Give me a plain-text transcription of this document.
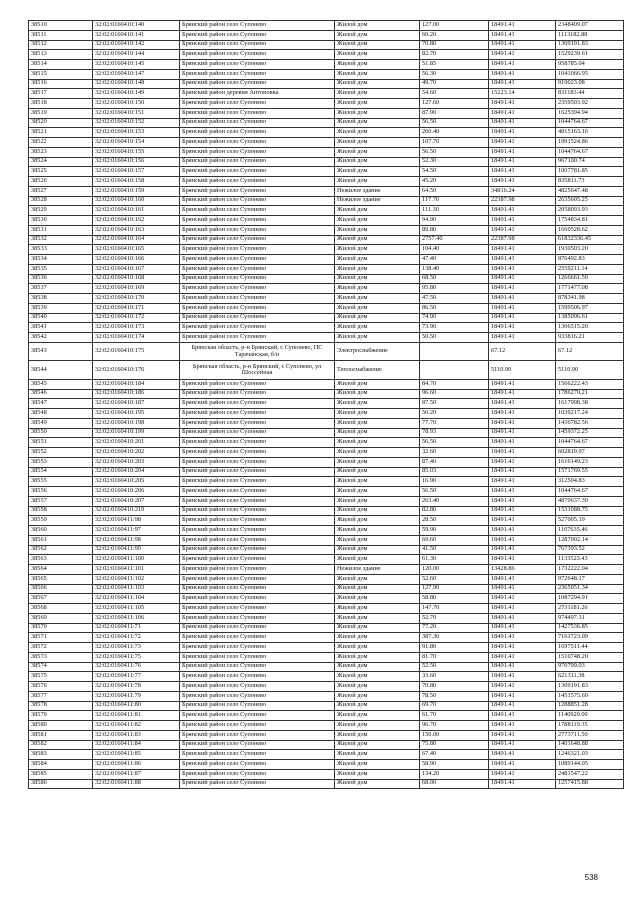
38510	32:02:0160410:140	Брянский район село Супонево	Жилой дом	127.00	18491.41	2348409.07
38511	32:02:0160410:141	Брянский район село Супонево	Жилой дом	60.20	18491.41	1113182.88
38512	32:02:0160410:142	Брянский район село Супонево	Жилой дом	70.80	18491.41	1309191.83
38513	32:02:0160410:144	Брянский район село Супонево	Жилой дом	82.70	18491.41	1529239.61
38514	32:02:0160410:145	Брянский район село Супонево	Жилой дом	51.85	18491.41	958785.04
38515	32:02:0160410:147	Брянский район село Супонево	Жилой дом	56.30	18491.41	1041066.95
38516	32:02:0160410:148	Брянский район село Супонево	Жилой дом	49.70	18491.41	919023.08
38517	32:02:0160410:149	Брянский район деревня Антоновка	Жилой дом	54.60	15223.14	831183.44
38518	32:02:0160410:150	Брянский район село Супонево	Жилой дом	127.60	18491.41	2359503.92
38519	32:02:0160410:151	Брянский район село Супонево	Жилой дом	87.90	18491.41	1625394.94
38520	32:02:0160410:152	Брянский район село Супонево	Жилой дом	56.50	18491.41	1044764.67
38521	32:02:0160410:153	Брянский район село Супонево	Жилой дом	260.40	18491.41	4815163.16
38522	32:02:0160410:154	Брянский район село Супонево	Жилой дом	107.70	18491.41	1991524.86
38523	32:02:0160410:155	Брянский район село Супонево	Жилой дом	56.50	18491.41	1044764.67
38524	32:02:0160410:156	Брянский район село Супонево	Жилой дом	52.30	18491.41	967100.74
38525	32:02:0160410:157	Брянский район село Супонево	Жилой дом	54.50	18491.41	1007781.85
38526	32:02:0160410:158	Брянский район село Супонево	Жилой дом	45.20	18491.41	835811.73
38527	32:02:0160410:159	Брянский район село Супонево	Нежилое здание	64.50	34816.24	4825647.48
38528	32:02:0160410:160	Брянский район село Супонево	Нежилое здание	117.70	22387.98	2635605.25
38529	32:02:0160410:161	Брянский район село Супонево	Жилой дом	111.30	18491.41	2058093.93
38530	32:02:0160410:162	Брянский район село Супонево	Жилой дом	94.90	18491.41	1754834.81
38531	32:02:0160410:163	Брянский район село Супонево	Жилой дом	89.80	18491.41	1660528.62
38532	32:02:0160410:164	Брянский район село Супонево	Жилой дом	2757.40	22387.98	61832336.45
38533	32:02:0160410:165	Брянский район село Супонево	Жилой дом	104.40	18491.41	1930503.20
38534	32:02:0160410:166	Брянский район село Супонево	Жилой дом	47.40	18491.41	876492.83
38535	32:02:0160410:167	Брянский район село Супонево	Жилой дом	138.40	18491.41	2559211.14
38536	32:02:0160410:168	Брянский район село Супонево	Жилой дом	68.50	18491.41	1266661.59
38537	32:02:0160410:169	Брянский район село Супонево	Жилой дом	95.80	18491.41	1771477.08
38538	32:02:0160410:170	Брянский район село Супонево	Жилой дом	47.50	18491.41	878341.98
38539	32:02:0160410:171	Брянский район село Супонево	Жилой дом	86.50	18491.41	1599506.97
38540	32:02:0160410:172	Брянский район село Супонево	Жилой дом	74.90	18491.41	1385006.61
38541	32:02:0160410:173	Брянский район село Супонево	Жилой дом	73.90	18491.41	1366515.20
38542	32:02:0160410:174	Брянский район село Супонево	Жилой дом	50.50	18491.41	933816.21
38543	32:02:0160410:175	Брянская область, р-н Брянский, с Супонево, ПС Тарачанская, б/н	Электроснабжение		67.12	67.12
38544	32:02:0160410:176	Брянская область, р-н Брянский, с Супонево, ул Шоссейная	Теплоснабжение		5110.90	5110.90
38545	32:02:0160410:184	Брянский район село Супонево	Жилой дом	84.70	18491.41	1566222.43
38546	32:02:0160410:186	Брянский район село Супонево	Жилой дом	96.60	18491.41	1786270.21
38547	32:02:0160410:187	Брянский район село Супонево	Жилой дом	87.50	18491.41	1617998.38
38548	32:02:0160410:195	Брянский район село Супонево	Жилой дом	56.20	18491.41	1039217.24
38549	32:02:0160410:198	Брянский район село Супонево	Жилой дом	77.70	18491.41	1436782.56
38550	32:02:0160410:199	Брянский район село Супонево	Жилой дом	78.93	18491.41	1459372.25
38551	32:02:0160410:201	Брянский район село Супонево	Жилой дом	56.50	18491.41	1044764.67
38552	32:02:0160410:202	Брянский район село Супонево	Жилой дом	32.60	18491.41	602819.97
38553	32:02:0160410:203	Брянский район село Супонево	Жилой дом	87.40	18491.41	1616149.23
38554	32:02:0160410:204	Брянский район село Супонево	Жилой дом	85.03	18491.41	1571769.55
38555	32:02:0160410:205	Брянский район село Супонево	Жилой дом	16.90	18491.41	312504.83
38556	32:02:0160410:206	Брянский район село Супонево	Жилой дом	56.50	18491.41	1044764.67
38557	32:02:0160410:207	Брянский район село Супонево	Жилой дом	263.40	18491.41	4870637.39
38558	32:02:0160410:210	Брянский район село Супонево	Жилой дом	82.80	18491.41	1531088.75
38559	32:02:0160411:98	Брянский район село Супонево	Жилой дом	28.50	18491.41	527005.19
38560	32:02:0160411:97	Брянский район село Супонево	Жилой дом	59.90	18491.41	1107635.46
38561	32:02:0160411:98	Брянский район село Супонево	Жилой дом	69.60	18491.41	1287002.14
38562	32:02:0160411:99	Брянский район село Супонево	Жилой дом	41.50	18491.41	767393.52
38563	32:02:0160411:100	Брянский район село Супонево	Жилой дом	61.30	18491.41	1133523.43
38564	32:02:0160411:101	Брянский район село Супонево	Нежилое здание	120.00	13428.86	1732222.04
38565	32:02:0160411:102	Брянский район село Супонево	Жилой дом	52.60	18491.41	972648.17
38566	32:02:0160411:103	Брянский район село Супонево	Жилой дом	127.90	18491.41	2365051.34
38567	32:02:0160411:104	Брянский район село Супонево	Жилой дом	58.80	18491.41	1087294.91
38568	32:02:0160411:105	Брянский район село Супонево	Жилой дом	147.70	18491.41	2731181.26
38569	32:02:0160411:106	Брянский район село Супонево	Жилой дом	52.70	18491.41	974497.31
38570	32:02:0160411:71	Брянский район село Супонево	Жилой дом	77.20	18491.41	1427536.85
38571	32:02:0160411:72	Брянский район село Супонево	Жилой дом	387.30	18491.41	7161723.09
38572	32:02:0160411:73	Брянский район село Супонево	Жилой дом	91.80	18491.41	1697511.44
38573	32:02:0160411:75	Брянский район село Супонево	Жилой дом	81.70	18491.41	1510748.20
38574	32:02:0160411:76	Брянский район село Супонево	Жилой дом	52.50	18491.41	970799.03
38575	32:02:0160411:77	Брянский район село Супонево	Жилой дом	33.60	18491.41	621311.38
38576	32:02:0160411:78	Брянский район село Супонево	Жилой дом	70.80	18491.41	1309191.83
38577	32:02:0160411:79	Брянский район село Супонево	Жилой дом	78.50	18491.41	1451575.69
38578	32:02:0160411:80	Брянский район село Супонево	Жилой дом	69.70	18491.41	1288851.28
38579	32:02:0160411:81	Брянский район село Супонево	Жилой дом	61.70	18491.41	1140920.00
38580	32:02:0160411:82	Брянский район село Супонево	Жилой дом	96.70	18491.41	1788119.35
38581	32:02:0160411:83	Брянский район село Супонево	Жилой дом	150.00	18491.41	2773711.50
38582	32:02:0160411:84	Брянский район село Супонево	Жилой дом	75.80	18491.41	1401648.88
38583	32:02:0160411:85	Брянский район село Супонево	Жилой дом	67.40	18491.41	1246321.03
38584	32:02:0160411:86	Брянский район село Супонево	Жилой дом	58.90	18491.41	1089144.05
38585	32:02:0160411:87	Брянский район село Супонево	Жилой дом	134.20	18491.41	2481547.22
38586	32:02:0160411:88	Брянский район село Супонево	Жилой дом	68.00	18491.41	1257415.88
538
